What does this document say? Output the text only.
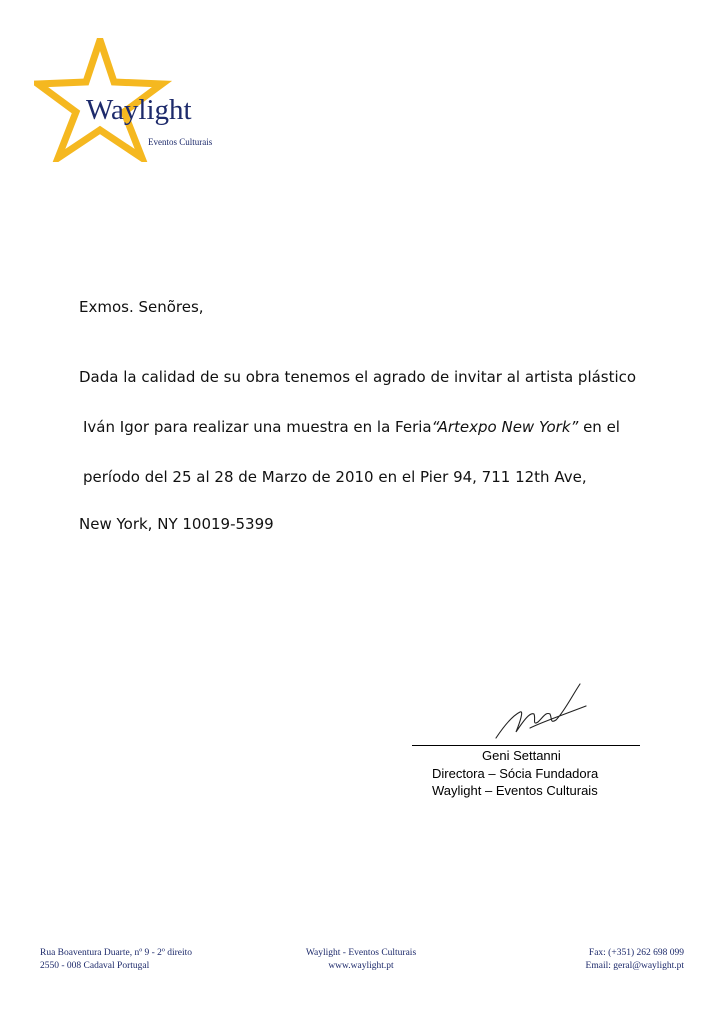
Waylight
Eventos Culturais
Exmos. Senõres,
Dada la calidad de su obra tenemos el agrado de invitar al artista plástico
Iván Igor para realizar una muestra en la Feria“Artexpo New York” en el
período del 25 al 28 de Marzo de 2010 en el Pier 94, 711 12th Ave,
New York, NY 10019-5399
Geni Settanni
Directora – Sócia Fundadora
Waylight – Eventos Culturais
Rua Boaventura Duarte, nº 9 - 2º direito
2550 - 008 Cadaval Portugal
Waylight - Eventos Culturais
www.waylight.pt
Fax: (+351) 262 698 099
Email: geral@waylight.pt
